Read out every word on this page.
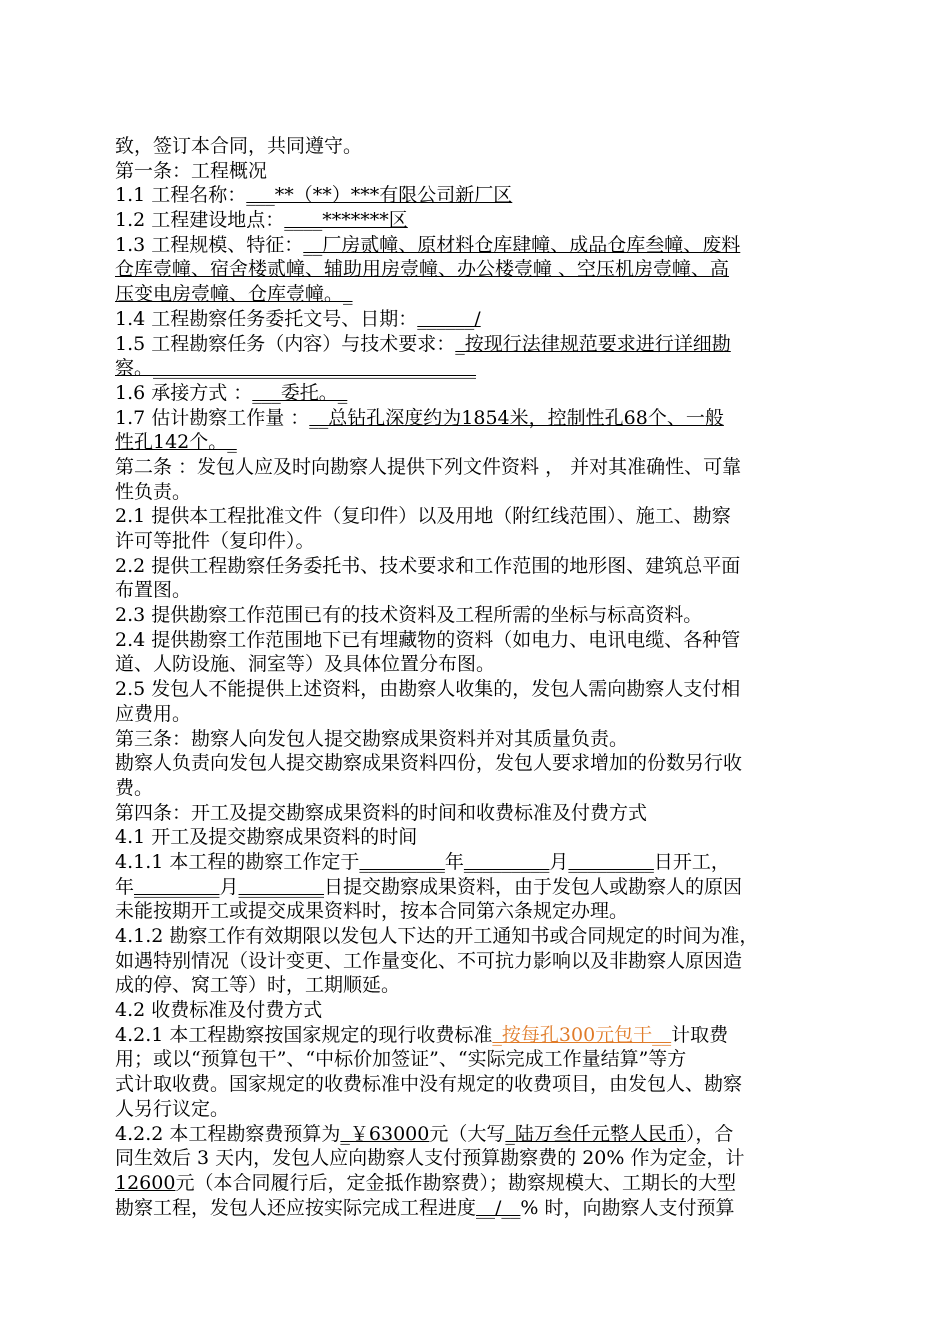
致，签订本合同，共同遵守。
第一条：工程概况
1.1 工程名称：___**（**）***有限公司新厂区
1.2 工程建设地点：____*******区
1.3 工程规模、特征：__厂房贰幢、原材料仓库肆幢、成品仓库叁幢、废料
仓库壹幢、宿舍楼贰幢、辅助用房壹幢、办公楼壹幢 、空压机房壹幢、高
压变电房壹幢、仓库壹幢。_
1.4 工程勘察任务委托文号、日期：______/
1.5 工程勘察任务（内容）与技术要求：_按现行法律规范要求进行详细勘
察。__________________________________
1.6 承接方式 ：___委托。_
1.7 估计勘察工作量 ：__总钻孔深度约为1854米，控制性孔68个、一般
性孔142个。_
第二条 ：发包人应及时向勘察人提供下列文件资料 ， 并对其准确性、可靠
性负责。
2.1 提供本工程批准文件（复印件）以及用地（附红线范围）、施工、勘察
许可等批件（复印件）。
2.2 提供工程勘察任务委托书、技术要求和工作范围的地形图、建筑总平面
布置图。
2.3 提供勘察工作范围已有的技术资料及工程所需的坐标与标高资料。
2.4 提供勘察工作范围地下已有埋藏物的资料（如电力、电讯电缆、各种管
道、人防设施、洞室等）及具体位置分布图。
2.5 发包人不能提供上述资料，由勘察人收集的，发包人需向勘察人支付相
应费用。
第三条：勘察人向发包人提交勘察成果资料并对其质量负责。
勘察人负责向发包人提交勘察成果资料四份，发包人要求增加的份数另行收
费。
第四条：开工及提交勘察成果资料的时间和收费标准及付费方式
4.1 开工及提交勘察成果资料的时间
4.1.1 本工程的勘察工作定于_________年_________月_________日开工，
年_________月_________日提交勘察成果资料，由于发包人或勘察人的原因
未能按期开工或提交成果资料时，按本合同第六条规定办理。
4.1.2 勘察工作有效期限以发包人下达的开工通知书或合同规定的时间为准，
如遇特别情况（设计变更、工作量变化、不可抗力影响以及非勘察人原因造
成的停、窝工等）时，工期顺延。
4.2 收费标准及付费方式
4.2.1 本工程勘察按国家规定的现行收费标准_按每孔300元包干__计取费
用；或以“预算包干”、“中标价加签证”、“实际完成工作量结算”等方
式计取收费。国家规定的收费标准中没有规定的收费项目，由发包人、勘察
人另行议定。
4.2.2 本工程勘察费预算为_￥63000元（大写_陆万叁仟元整人民币），合
同生效后 3 天内，发包人应向勘察人支付预算勘察费的 20% 作为定金，计
12600元（本合同履行后，定金抵作勘察费）；勘察规模大、工期长的大型
勘察工程，发包人还应按实际完成工程进度__/__% 时，向勘察人支付预算
